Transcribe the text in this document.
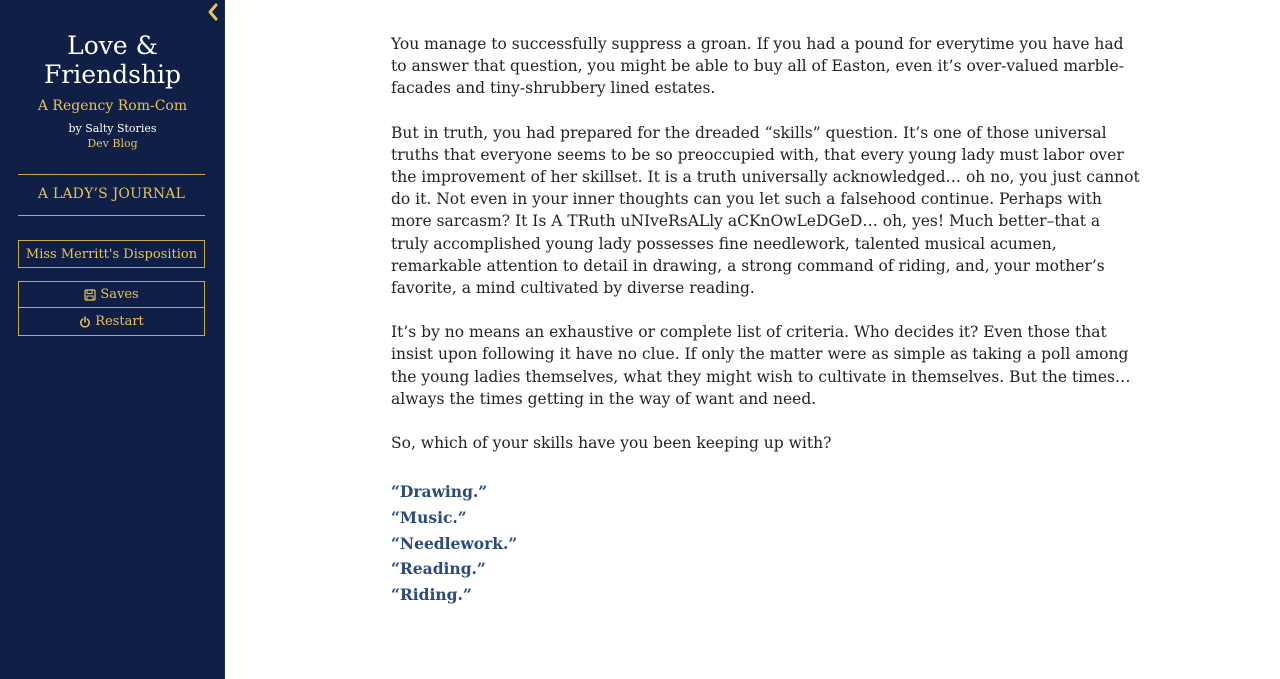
Love & Friendship
A Regency Rom-Com
by Salty Stories
Dev Blog
A LADY’S JOURNAL
Miss Merritt's Disposition
Saves
Restart

You manage to successfully suppress a groan. If you had a pound for everytime you have had to answer that question, you might be able to buy all of Easton, even it’s over-valued marble-facades and tiny-shrubbery lined estates.

But in truth, you had prepared for the dreaded “skills” question. It’s one of those universal truths that everyone seems to be so preoccupied with, that every young lady must labor over the improvement of her skillset. It is a truth universally acknowledged… oh no, you just cannot do it. Not even in your inner thoughts can you let such a falsehood continue. Perhaps with more sarcasm? It Is A TRuth uNIveRsALly aCKnOwLeDGeD… oh, yes! Much better–that a truly accomplished young lady possesses fine needlework, talented musical acumen, remarkable attention to detail in drawing, a strong command of riding, and, your mother’s favorite, a mind cultivated by diverse reading.

It’s by no means an exhaustive or complete list of criteria. Who decides it? Even those that insist upon following it have no clue. If only the matter were as simple as taking a poll among the young ladies themselves, what they might wish to cultivate in themselves. But the times… always the times getting in the way of want and need.

So, which of your skills have you been keeping up with?

“Drawing.”
“Music.”
“Needlework.”
“Reading.”
“Riding.”
